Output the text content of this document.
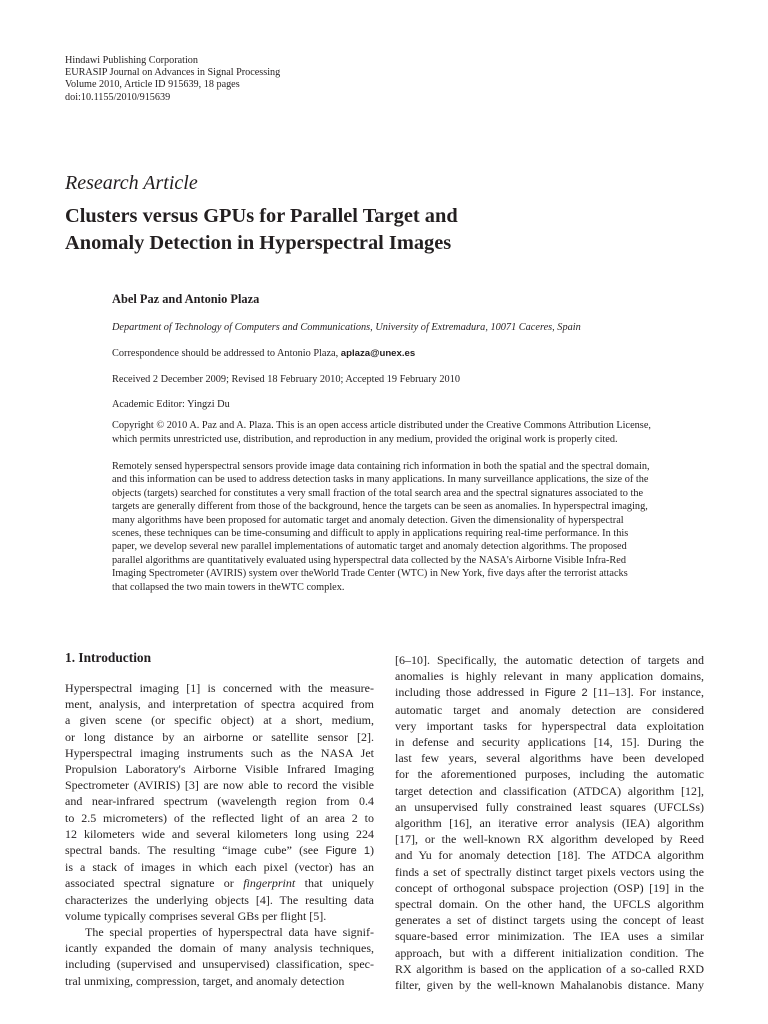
Hindawi Publishing Corporation
EURASIP Journal on Advances in Signal Processing
Volume 2010, Article ID 915639, 18 pages
doi:10.1155/2010/915639
Research Article
Clusters versus GPUs for Parallel Target and
Anomaly Detection in Hyperspectral Images
Abel Paz and Antonio Plaza
Department of Technology of Computers and Communications, University of Extremadura, 10071 Caceres, Spain
Correspondence should be addressed to Antonio Plaza, aplaza@unex.es
Received 2 December 2009; Revised 18 February 2010; Accepted 19 February 2010
Academic Editor: Yingzi Du
Copyright © 2010 A. Paz and A. Plaza. This is an open access article distributed under the Creative Commons Attribution License,
which permits unrestricted use, distribution, and reproduction in any medium, provided the original work is properly cited.
Remotely sensed hyperspectral sensors provide image data containing rich information in both the spatial and the spectral domain,
and this information can be used to address detection tasks in many applications. In many surveillance applications, the size of the
objects (targets) searched for constitutes a very small fraction of the total search area and the spectral signatures associated to the
targets are generally different from those of the background, hence the targets can be seen as anomalies. In hyperspectral imaging,
many algorithms have been proposed for automatic target and anomaly detection. Given the dimensionality of hyperspectral
scenes, these techniques can be time-consuming and difficult to apply in applications requiring real-time performance. In this
paper, we develop several new parallel implementations of automatic target and anomaly detection algorithms. The proposed
parallel algorithms are quantitatively evaluated using hyperspectral data collected by the NASA's Airborne Visible Infra-Red
Imaging Spectrometer (AVIRIS) system over theWorld Trade Center (WTC) in New York, five days after the terrorist attacks
that collapsed the two main towers in theWTC complex.
1. Introduction
Hyperspectral imaging [1] is concerned with the measure-
ment, analysis, and interpretation of spectra acquired from
a given scene (or specific object) at a short, medium,
or long distance by an airborne or satellite sensor [2].
Hyperspectral imaging instruments such as the NASA Jet
Propulsion Laboratory's Airborne Visible Infrared Imaging
Spectrometer (AVIRIS) [3] are now able to record the visible
and near-infrared spectrum (wavelength region from 0.4
to 2.5 micrometers) of the reflected light of an area 2 to
12 kilometers wide and several kilometers long using 224
spectral bands. The resulting “image cube” (see Figure 1)
is a stack of images in which each pixel (vector) has an
associated spectral signature or fingerprint that uniquely
characterizes the underlying objects [4]. The resulting data
volume typically comprises several GBs per flight [5].
The special properties of hyperspectral data have signif-
icantly expanded the domain of many analysis techniques,
including (supervised and unsupervised) classification, spec-
tral unmixing, compression, target, and anomaly detection
[6–10]. Specifically, the automatic detection of targets and
anomalies is highly relevant in many application domains,
including those addressed in Figure 2 [11–13]. For instance,
automatic target and anomaly detection are considered
very important tasks for hyperspectral data exploitation
in defense and security applications [14, 15]. During the
last few years, several algorithms have been developed
for the aforementioned purposes, including the automatic
target detection and classification (ATDCA) algorithm [12],
an unsupervised fully constrained least squares (UFCLSs)
algorithm [16], an iterative error analysis (IEA) algorithm
[17], or the well-known RX algorithm developed by Reed
and Yu for anomaly detection [18]. The ATDCA algorithm
finds a set of spectrally distinct target pixels vectors using the
concept of orthogonal subspace projection (OSP) [19] in the
spectral domain. On the other hand, the UFCLS algorithm
generates a set of distinct targets using the concept of least
square-based error minimization. The IEA uses a similar
approach, but with a different initialization condition. The
RX algorithm is based on the application of a so-called RXD
filter, given by the well-known Mahalanobis distance. Many
